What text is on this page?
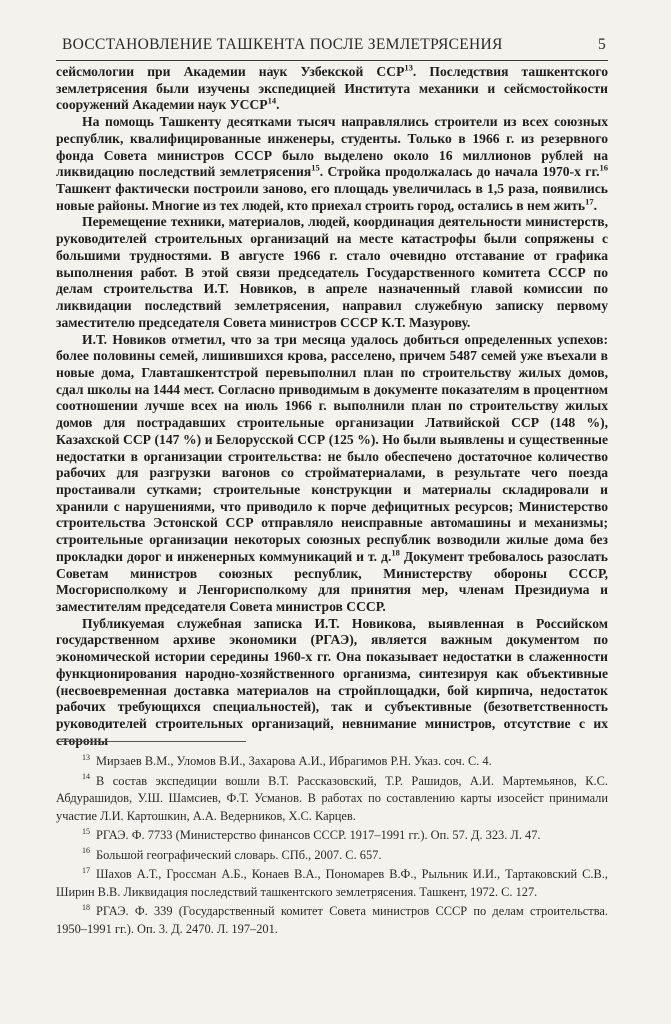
ВОССТАНОВЛЕНИЕ ТАШКЕНТА ПОСЛЕ ЗЕМЛЕТРЯСЕНИЯ	5

сейсмологии при Академии наук Узбекской ССР$^{13}$. Последствия ташкентского землетрясения были изучены экспедицией Института механики и сейсмостойкости сооружений Академии наук УССР$^{14}$.

На помощь Ташкенту десятками тысяч направлялись строители из всех союзных республик, квалифицированные инженеры, студенты. Только в 1966 г. из резервного фонда Совета министров СССР было выделено около 16 миллионов рублей на ликвидацию последствий землетрясения$^{15}$. Стройка продолжалась до начала 1970-х гг.$^{16}$ Ташкент фактически построили заново, его площадь увеличилась в 1,5 раза, появились новые районы. Многие из тех людей, кто приехал строить город, остались в нем жить$^{17}$.

Перемещение техники, материалов, людей, координация деятельности министерств, руководителей строительных организаций на месте катастрофы были сопряжены с большими трудностями. В августе 1966 г. стало очевидно отставание от графика выполнения работ. В этой связи председатель Государственного комитета СССР по делам строительства И.Т. Новиков, в апреле назначенный главой комиссии по ликвидации последствий землетрясения, направил служебную записку первому заместителю председателя Совета министров СССР К.Т. Мазурову.

И.Т. Новиков отметил, что за три месяца удалось добиться определенных успехов: более половины семей, лишившихся крова, расселено, причем 5487 семей уже въехали в новые дома, Главташкентстрой перевыполнил план по строительству жилых домов, сдал школы на 1444 мест. Согласно приводимым в документе показателям в процентном соотношении лучше всех на июль 1966 г. выполнили план по строительству жилых домов для пострадавших строительные организации Латвийской ССР (148 %), Казахской ССР (147 %) и Белорусской ССР (125 %). Но были выявлены и существенные недостатки в организации строительства: не было обеспечено достаточное количество рабочих для разгрузки вагонов со стройматериалами, в результате чего поезда простаивали сутками; строительные конструкции и материалы складировали и хранили с нарушениями, что приводило к порче дефицитных ресурсов; Министерство строительства Эстонской ССР отправляло неисправные автомашины и механизмы; строительные организации некоторых союзных республик возводили жилые дома без прокладки дорог и инженерных коммуникаций и т. д.$^{18}$ Документ требовалось разослать Советам министров союзных республик, Министерству обороны СССР, Мосгорисполкому и Ленгорисполкому для принятия мер, членам Президиума и заместителям председателя Совета министров СССР.

Публикуемая служебная записка И.Т. Новикова, выявленная в Российском государственном архиве экономики (РГАЭ), является важным документом по экономической истории середины 1960-х гг. Она показывает недостатки в слаженности функционирования народно-хозяйственного организма, синтезируя как объективные (несвоевременная доставка материалов на стройплощадки, бой кирпича, недостаток рабочих требующихся специальностей), так и субъективные (безответственность руководителей строительных организаций, невнимание министров, отсутствие с их стороны

$^{13}$ Мирзаев В.М., Уломов В.И., Захарова А.И., Ибрагимов Р.Н. Указ. соч. С. 4.

$^{14}$ В состав экспедиции вошли В.Т. Рассказовский, Т.Р. Рашидов, А.И. Мартемьянов, К.С. Абдурашидов, У.Ш. Шамсиев, Ф.Т. Усманов. В работах по составлению карты изосейст принимали участие Л.И. Картошкин, А.А. Ведерников, Х.С. Карцев.

$^{15}$ РГАЭ. Ф. 7733 (Министерство финансов СССР. 1917–1991 гг.). Оп. 57. Д. 323. Л. 47.

$^{16}$ Большой географический словарь. СПб., 2007. С. 657.

$^{17}$ Шахов А.Т., Гроссман А.Б., Конаев В.А., Пономарев В.Ф., Рыльник И.И., Тартаковский С.В., Ширин В.В. Ликвидация последствий ташкентского землетрясения. Ташкент, 1972. С. 127.

$^{18}$ РГАЭ. Ф. 339 (Государственный комитет Совета министров СССР по делам строительства. 1950–1991 гг.). Оп. 3. Д. 2470. Л. 197–201.
